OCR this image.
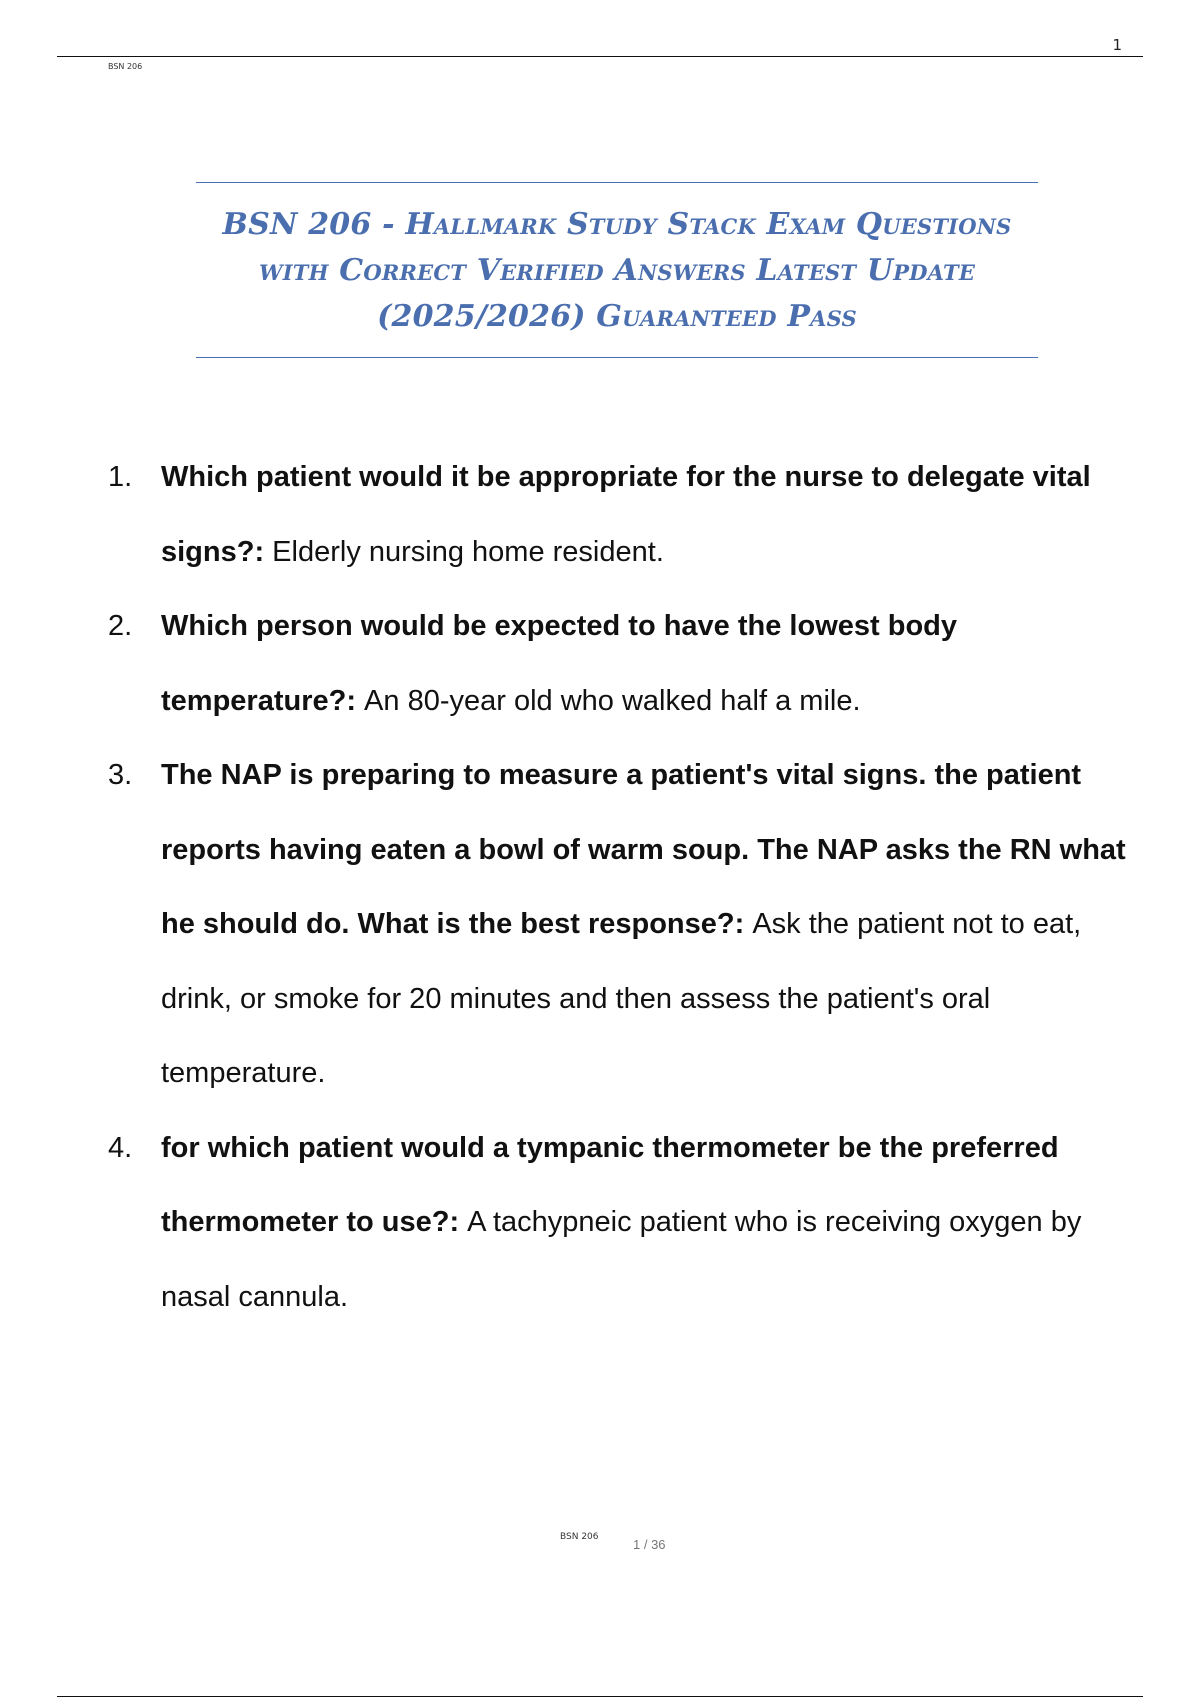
1
BSN 206
BSN 206 - Hallmark Study Stack Exam Questions
with Correct Verified Answers Latest Update
(2025/2026) Guaranteed Pass
1. Which patient would it be appropriate for the nurse to delegate vital signs?: Elderly nursing home resident.
2. Which person would be expected to have the lowest body temperature?: An 80-year old who walked half a mile.
3. The NAP is preparing to measure a patient's vital signs. the patient reports having eaten a bowl of warm soup. The NAP asks the RN what he should do. What is the best response?: Ask the patient not to eat, drink, or smoke for 20 minutes and then assess the patient's oral temperature.
4. for which patient would a tympanic thermometer be the preferred thermometer to use?: A tachypneic patient who is receiving oxygen by nasal cannula.
BSN 206	1 / 36
